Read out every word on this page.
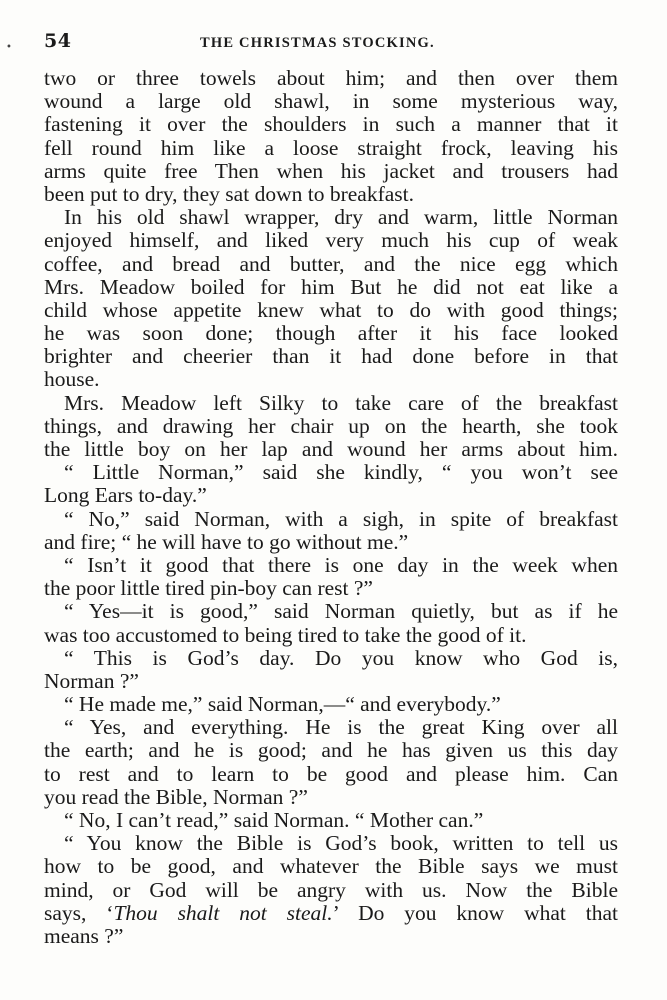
• 54	THE CHRISTMAS STOCKING.
two or three towels about him; and then over them
wound a large old shawl, in some mysterious way,
fastening it over the shoulders in such a manner that it
fell round him like a loose straight frock, leaving his
arms quite free Then when his jacket and trousers had
been put to dry, they sat down to breakfast.
In his old shawl wrapper, dry and warm, little Norman
enjoyed himself, and liked very much his cup of weak
coffee, and bread and butter, and the nice egg which
Mrs. Meadow boiled for him But he did not eat like a
child whose appetite knew what to do with good things;
he was soon done; though after it his face looked
brighter and cheerier than it had done before in that
house.
Mrs. Meadow left Silky to take care of the breakfast
things, and drawing her chair up on the hearth, she took
the little boy on her lap and wound her arms about him.
“ Little Norman,” said she kindly, “ you won’t see
Long Ears to-day.”
“ No,” said Norman, with a sigh, in spite of breakfast
and fire; “ he will have to go without me.”
“ Isn’t it good that there is one day in the week when
the poor little tired pin-boy can rest ?”
“ Yes—it is good,” said Norman quietly, but as if he
was too accustomed to being tired to take the good of it.
“ This is God’s day. Do you know who God is,
Norman ?”
“ He made me,” said Norman,—“ and everybody.”
“ Yes, and everything. He is the great King over all
the earth; and he is good; and he has given us this day
to rest and to learn to be good and please him. Can
you read the Bible, Norman ?”
“ No, I can’t read,” said Norman. “ Mother can.”
“ You know the Bible is God’s book, written to tell us
how to be good, and whatever the Bible says we must
mind, or God will be angry with us. Now the Bible
says, ‘Thou shalt not steal.’ Do you know what that
means ?”
